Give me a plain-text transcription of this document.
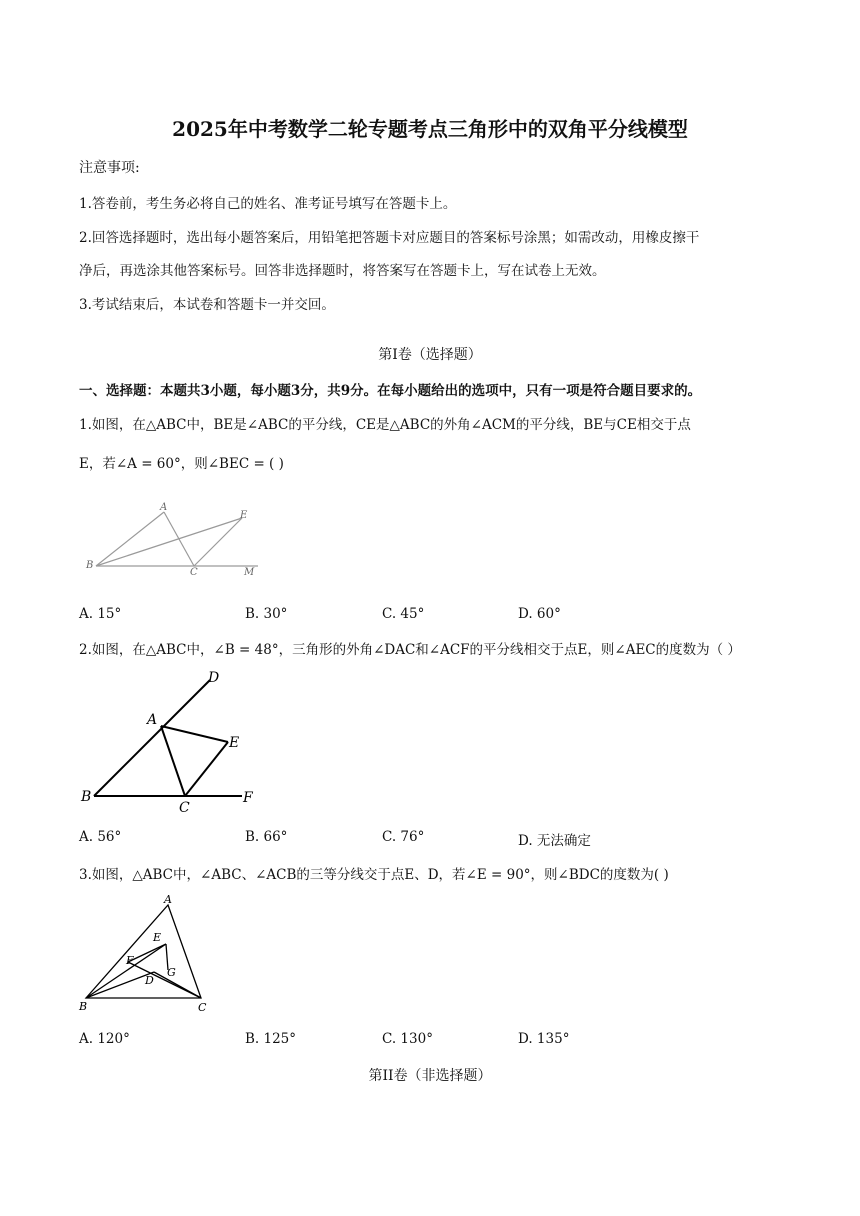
2025年中考数学二轮专题考点三角形中的双角平分线模型
注意事项:
1.答卷前，考生务必将自己的姓名、准考证号填写在答题卡上。
2.回答选择题时，选出每小题答案后，用铅笔把答题卡对应题目的答案标号涂黑；如需改动，用橡皮擦干
净后，再选涂其他答案标号。回答非选择题时，将答案写在答题卡上，写在试卷上无效。
3.考试结束后，本试卷和答题卡一并交回。
第I卷（选择题）
一、选择题：本题共3小题，每小题3分，共9分。在每小题给出的选项中，只有一项是符合题目要求的。
1.如图，在△ABC中，BE是∠ABC的平分线，CE是△ABC的外角∠ACM的平分线，BE与CE相交于点
E，若∠A = 60°，则∠BEC = ( )
A
E
B
C	M
A. 15°	B. 30°	C. 45°	D. 60°
2.如图，在△ABC中，∠B = 48°，三角形的外角∠DAC和∠ACF的平分线相交于点E，则∠AEC的度数为（ ）
D
A
E
B
C
F
A. 56°	B. 66°	C. 76°	D. 无法确定
3.如图，△ABC中，∠ABC、∠ACB的三等分线交于点E、D，若∠E = 90°，则∠BDC的度数为( )
A
E
F
G
D
B	C
A. 120°	B. 125°	C. 130°	D. 135°
第II卷（非选择题）
